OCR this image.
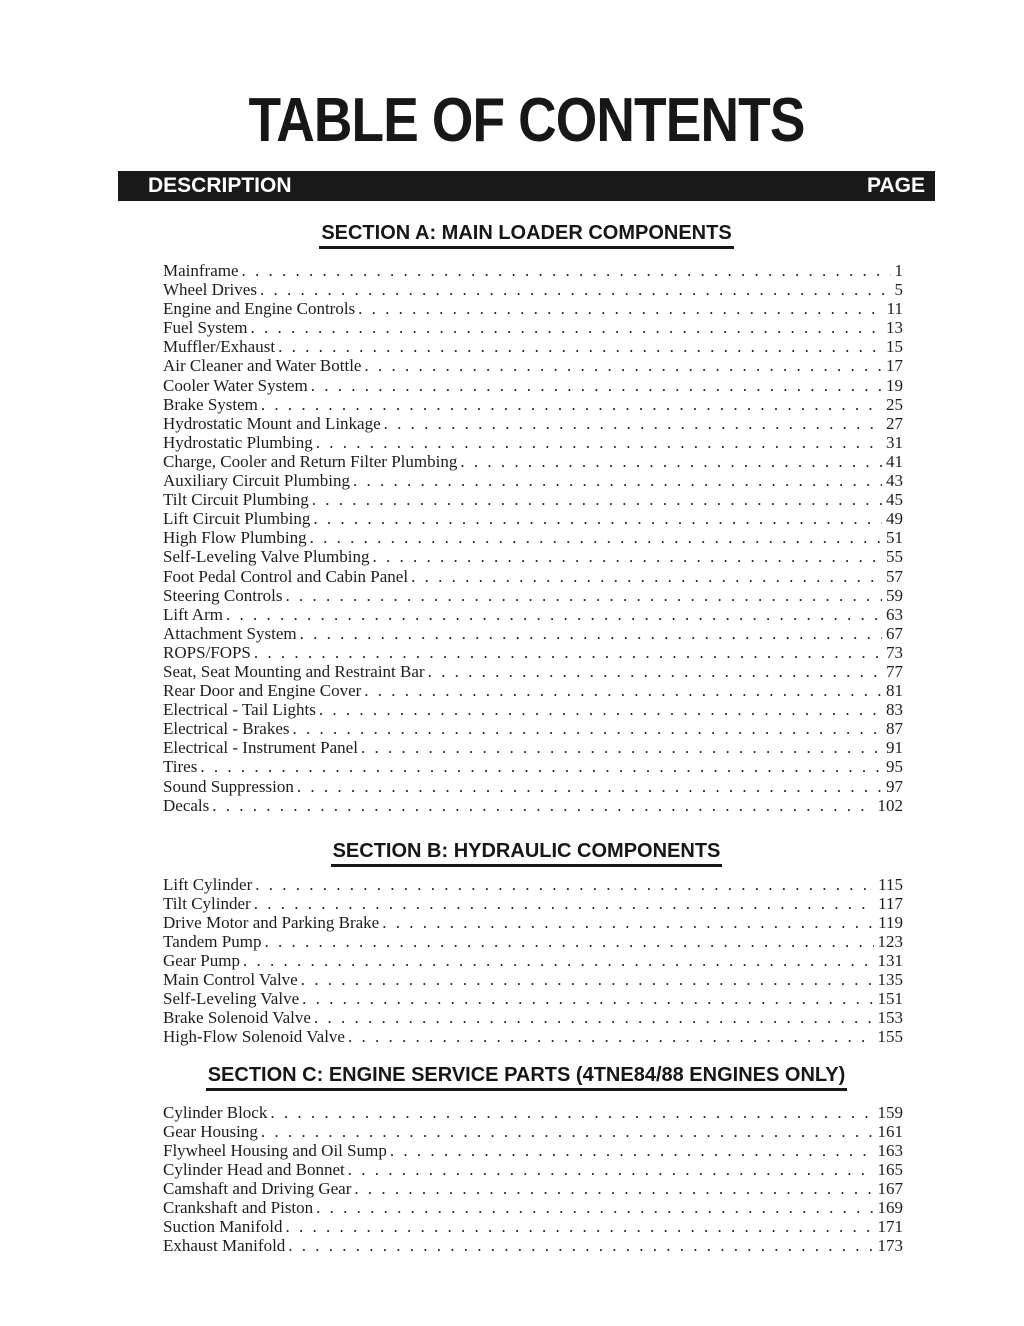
TABLE OF CONTENTS
DESCRIPTION	PAGE
SECTION A: MAIN LOADER COMPONENTS
Mainframe . . .	1
Wheel Drives . . .	5
Engine and Engine Controls . . .	11
Fuel System . . .	13
Muffler/Exhaust . . .	15
Air Cleaner and Water Bottle . . .	17
Cooler Water System . . .	19
Brake System . . .	25
Hydrostatic Mount and Linkage . . .	27
Hydrostatic Plumbing . . .	31
Charge, Cooler and Return Filter Plumbing . . .	41
Auxiliary Circuit Plumbing . . .	43
Tilt Circuit Plumbing . . .	45
Lift Circuit Plumbing . . .	49
High Flow Plumbing . . .	51
Self-Leveling Valve Plumbing . . .	55
Foot Pedal Control and Cabin Panel . . .	57
Steering Controls . . .	59
Lift Arm . . .	63
Attachment System . . .	67
ROPS/FOPS . . .	73
Seat, Seat Mounting and Restraint Bar . . .	77
Rear Door and Engine Cover . . .	81
Electrical - Tail Lights . . .	83
Electrical - Brakes . . .	87
Electrical - Instrument Panel . . .	91
Tires . . .	95
Sound Suppression . . .	97
Decals . . .	102
SECTION B: HYDRAULIC COMPONENTS
Lift Cylinder . . .	115
Tilt Cylinder . . .	117
Drive Motor and Parking Brake . . .	119
Tandem Pump . . .	123
Gear Pump . . .	131
Main Control Valve . . .	135
Self-Leveling Valve . . .	151
Brake Solenoid Valve . . .	153
High-Flow Solenoid Valve . . .	155
SECTION C: ENGINE SERVICE PARTS (4TNE84/88 ENGINES ONLY)
Cylinder Block . . .	159
Gear Housing . . .	161
Flywheel Housing and Oil Sump . . .	163
Cylinder Head and Bonnet . . .	165
Camshaft and Driving Gear . . .	167
Crankshaft and Piston . . .	169
Suction Manifold . . .	171
Exhaust Manifold . . .	173
